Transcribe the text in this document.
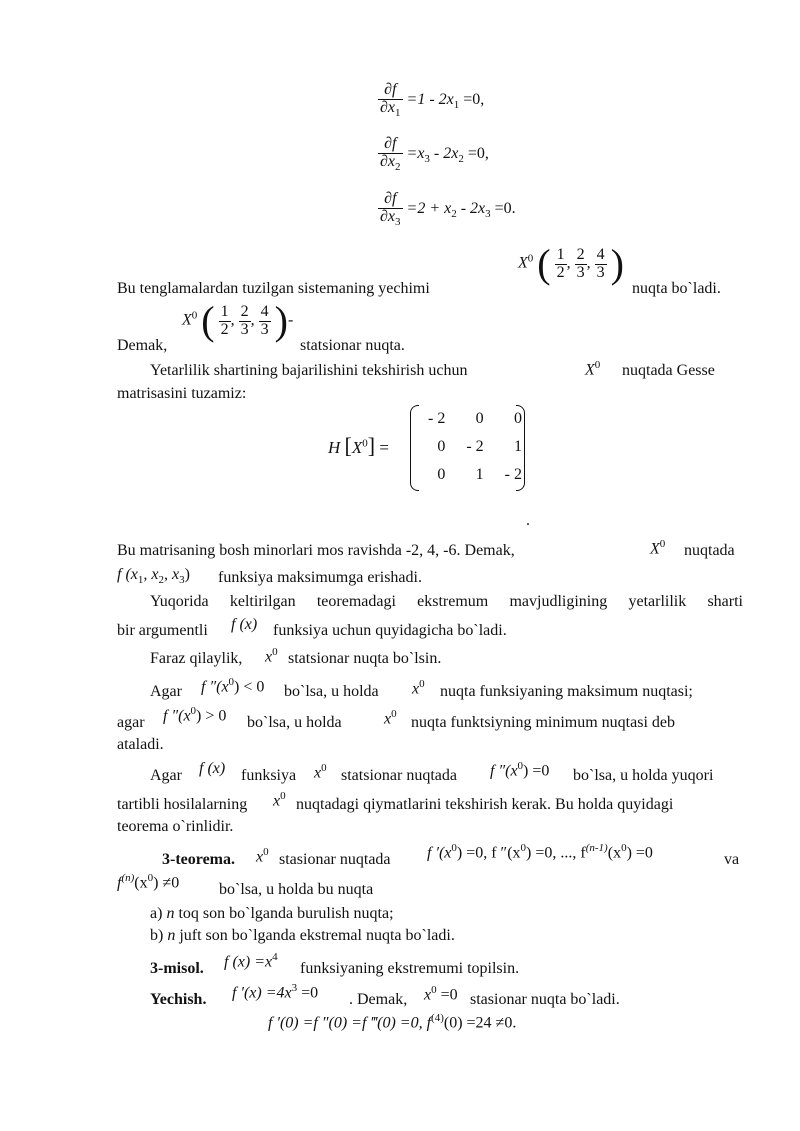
$\frac{\partial f}{\partial x_1} =1 - 2x_1 =0$,
$\frac{\partial f}{\partial x_2} =x_3 - 2x_2 =0$,
$\frac{\partial f}{\partial x_3} =2 + x_2 - 2x_3 =0$.
Bu tenglamalardan tuzilgan sistemaning yechimi
$X^0$ ( $\frac{1}{2}$ , $\frac{2}{3}$ , $\frac{4}{3}$ )
nuqta bo`ladi.
Demak,
$X^0$ ( $\frac{1}{2}$ , $\frac{2}{3}$ , $\frac{4}{3}$ )-
statsionar nuqta.
Yetarlilik shartining bajarilishini tekshirish uchun	$X^0$ nuqtada Gesse
matrisasini tuzamiz:
H $[X^0]$ =
- 2	0	0
0	- 2	1
0	1	- 2
.
Bu matrisaning bosh minorlari mos ravishda -2, 4, -6. Demak,	$X^0$ nuqtada
f ($x_1$, $x_2$, $x_3$) funksiya maksimumga erishadi.
Yuqorida keltirilgan teoremadagi ekstremum mavjudligining yetarlilik sharti
bir argumentli f (x) funksiya uchun quyidagicha bo`ladi.
Faraz qilaylik, $x^0$ statsionar nuqta bo`lsin.
Agar f $''(x^0) < 0$ bo`lsa, u holda $x^0$ nuqta funksiyaning maksimum nuqtasi;
agar f $''(x^0) > 0$ bo`lsa, u holda	$x^0$ nuqta funktsiyning minimum nuqtasi deb
ataladi.
Agar f (x) funksiya $x^0$ statsionar nuqtada f $''(x^0) =0$ bo`lsa, u holda yuqori
tartibli hosilalarning $x^0$ nuqtadagi qiymatlarini tekshirish kerak. Bu holda quyidagi
teorema o`rinlidir.
3-teorema. $x^0$ stasionar nuqtada f $'(x^0) =0$, f $''(x^0) =0$, ..., $f^{(n-1)}(x^0) =0$	va
$f^{(n)}(x^0) \ne 0$ bo`lsa, u holda bu nuqta
a) n toq son bo`lganda burulish nuqta;
b) n juft son bo`lganda ekstremal nuqta bo`ladi.
3-misol. f $(x) =x^4$
funksiyaning ekstremumi topilsin.
Yechish. f $'(x) =4x^3 =0$ . Demak, $x^0 =0$ stasionar nuqta bo`ladi.
f ′(0) =f ″(0) =f ‴(0) =0, $f^{(4)}(0) =24 \ne 0$.
